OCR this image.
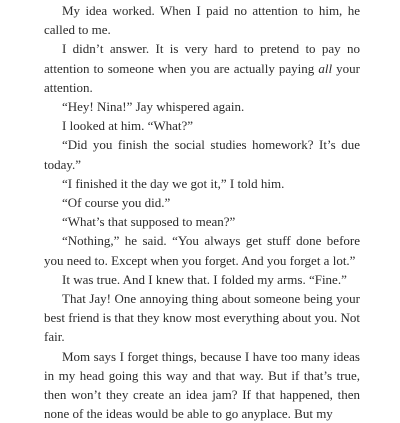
My idea worked. When I paid no attention to him, he called to me.

I didn’t answer. It is very hard to pretend to pay no attention to someone when you are actually paying all your attention.

“Hey! Nina!” Jay whispered again.

I looked at him. “What?”

“Did you finish the social studies homework? It’s due today.”

“I finished it the day we got it,” I told him.

“Of course you did.”

“What’s that supposed to mean?”

“Nothing,” he said. “You always get stuff done before you need to. Except when you forget. And you forget a lot.”

It was true. And I knew that. I folded my arms. “Fine.”

That Jay! One annoying thing about someone being your best friend is that they know most everything about you. Not fair.

Mom says I forget things, because I have too many ideas in my head going this way and that way. But if that’s true, then won’t they create an idea jam? If that happened, then none of the ideas would be able to go anyplace. But my
